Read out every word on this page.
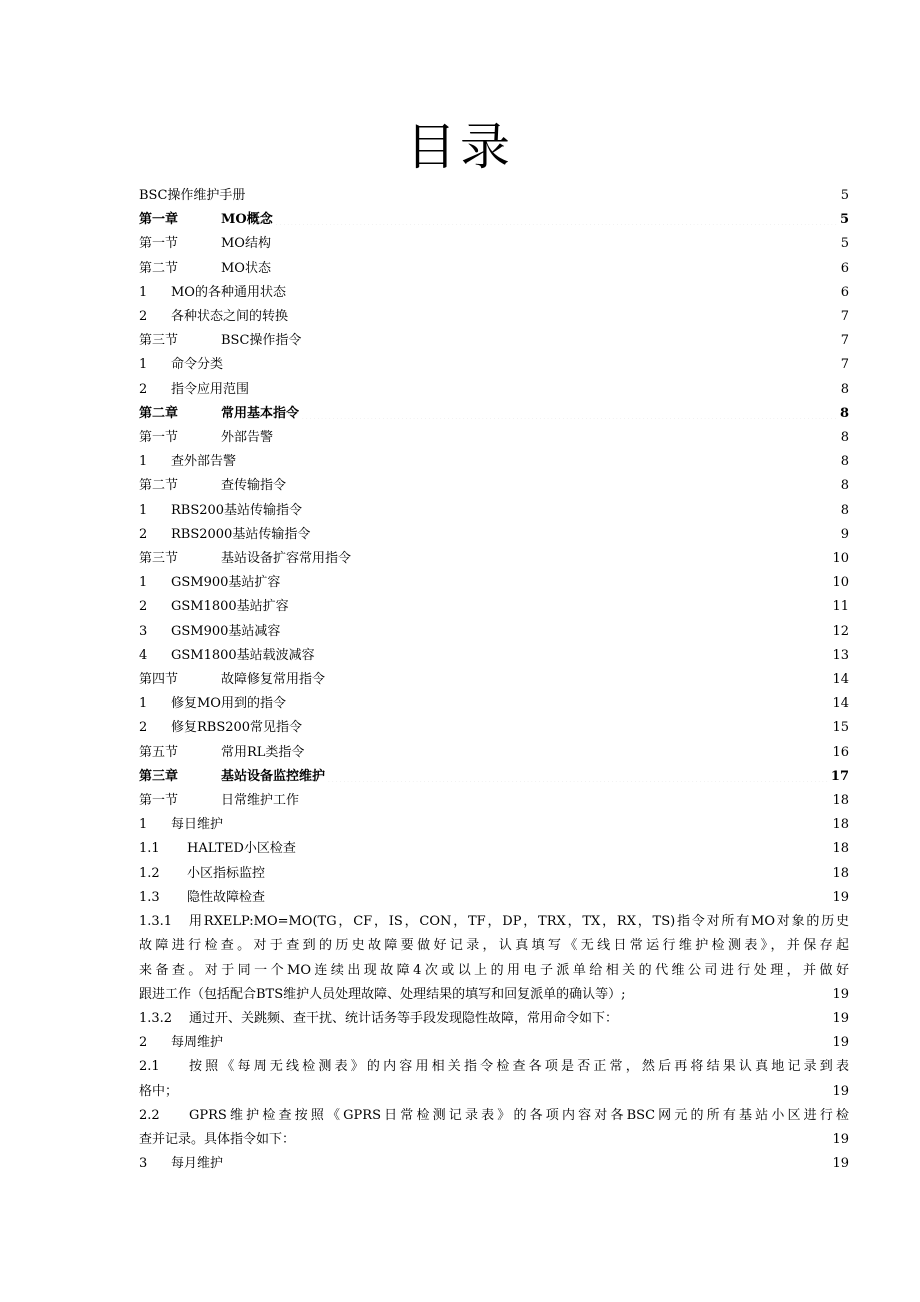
目录
BSC操作维护手册 .....	5
第一章	MO概念 .....	5
第一节	MO结构 .....	5
第二节	MO状态 .....	6
1	MO的各种通用状态 .....	6
2	各种状态之间的转换 .....	7
第三节	BSC操作指令 .....	7
1	命令分类 .....	7
2	指令应用范围 .....	8
第二章	常用基本指令 .....	8
第一节	外部告警 .....	8
1	查外部告警 .....	8
第二节	查传输指令 .....	8
1	RBS200基站传输指令 .....	8
2	RBS2000基站传输指令 .....	9
第三节	基站设备扩容常用指令 .....	10
1	GSM900基站扩容 .....	10
2	GSM1800基站扩容 .....	11
3	GSM900基站减容 .....	12
4	GSM1800基站载波减容 .....	13
第四节	故障修复常用指令 .....	14
1	修复MO用到的指令 .....	14
2	修复RBS200常见指令 .....	15
第五节	常用RL类指令 .....	16
第三章	基站设备监控维护 .....	17
第一节	日常维护工作 .....	18
1	每日维护 .....	18
1.1	HALTED小区检查 .....	18
1.2	小区指标监控 .....	18
1.3	隐性故障检查 .....	19
1.3.1	用RXELP:MO=MO(TG，CF，IS，CON，TF，DP，TRX，TX，RX，TS)指令对所有MO对象的历史
故障进行检查。对于查到的历史故障要做好记录，认真填写《无线日常运行维护检测表》，并保存起
来备查。对于同一个MO连续出现故障4次或以上的用电子派单给相关的代维公司进行处理，并做好
跟进工作（包括配合BTS维护人员处理故障、处理结果的填写和回复派单的确认等）; .....	19
1.3.2	通过开、关跳频、查干扰、统计话务等手段发现隐性故障，常用命令如下： .....	19
2	每周维护 .....	19
2.1	按照《每周无线检测表》的内容用相关指令检查各项是否正常，然后再将结果认真地记录到表
格中； .....	19
2.2	GPRS维护检查按照《GPRS日常检测记录表》的各项内容对各BSC网元的所有基站小区进行检
查并记录。具体指令如下： .....	19
3	每月维护 .....	19
